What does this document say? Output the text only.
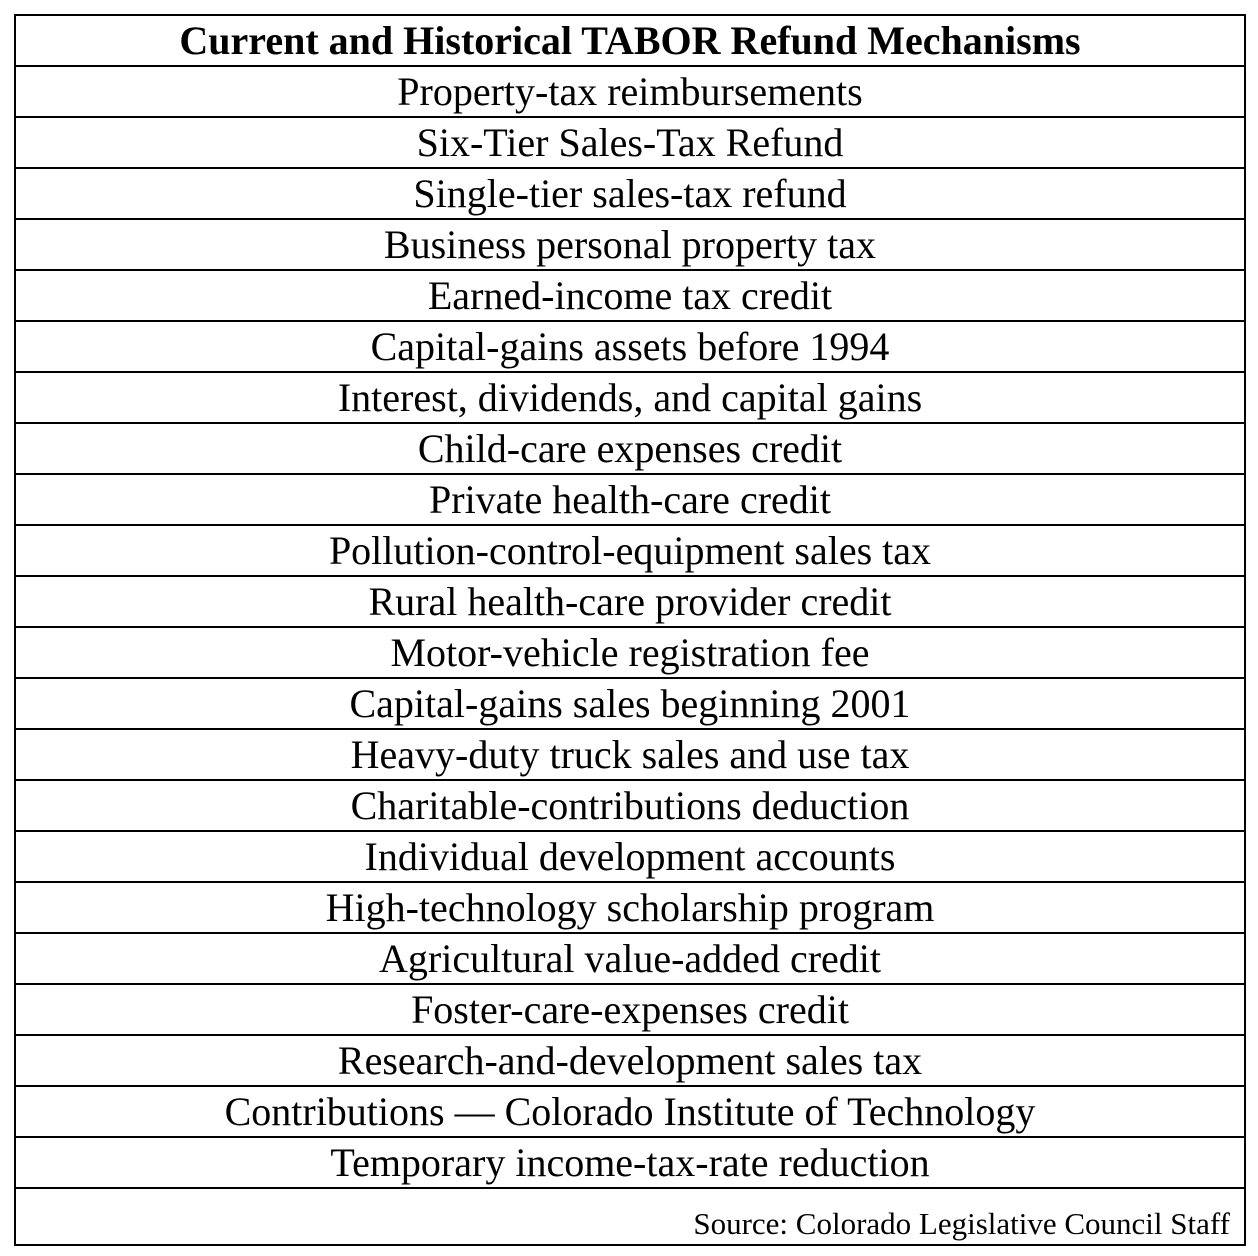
Current and Historical TABOR Refund Mechanisms
Property-tax reimbursements
Six-Tier Sales-Tax Refund
Single-tier sales-tax refund
Business personal property tax
Earned-income tax credit
Capital-gains assets before 1994
Interest, dividends, and capital gains
Child-care expenses credit
Private health-care credit
Pollution-control-equipment sales tax
Rural health-care provider credit
Motor-vehicle registration fee
Capital-gains sales beginning 2001
Heavy-duty truck sales and use tax
Charitable-contributions deduction
Individual development accounts
High-technology scholarship program
Agricultural value-added credit
Foster-care-expenses credit
Research-and-development sales tax
Contributions — Colorado Institute of Technology
Temporary income-tax-rate reduction
Source: Colorado Legislative Council Staff
